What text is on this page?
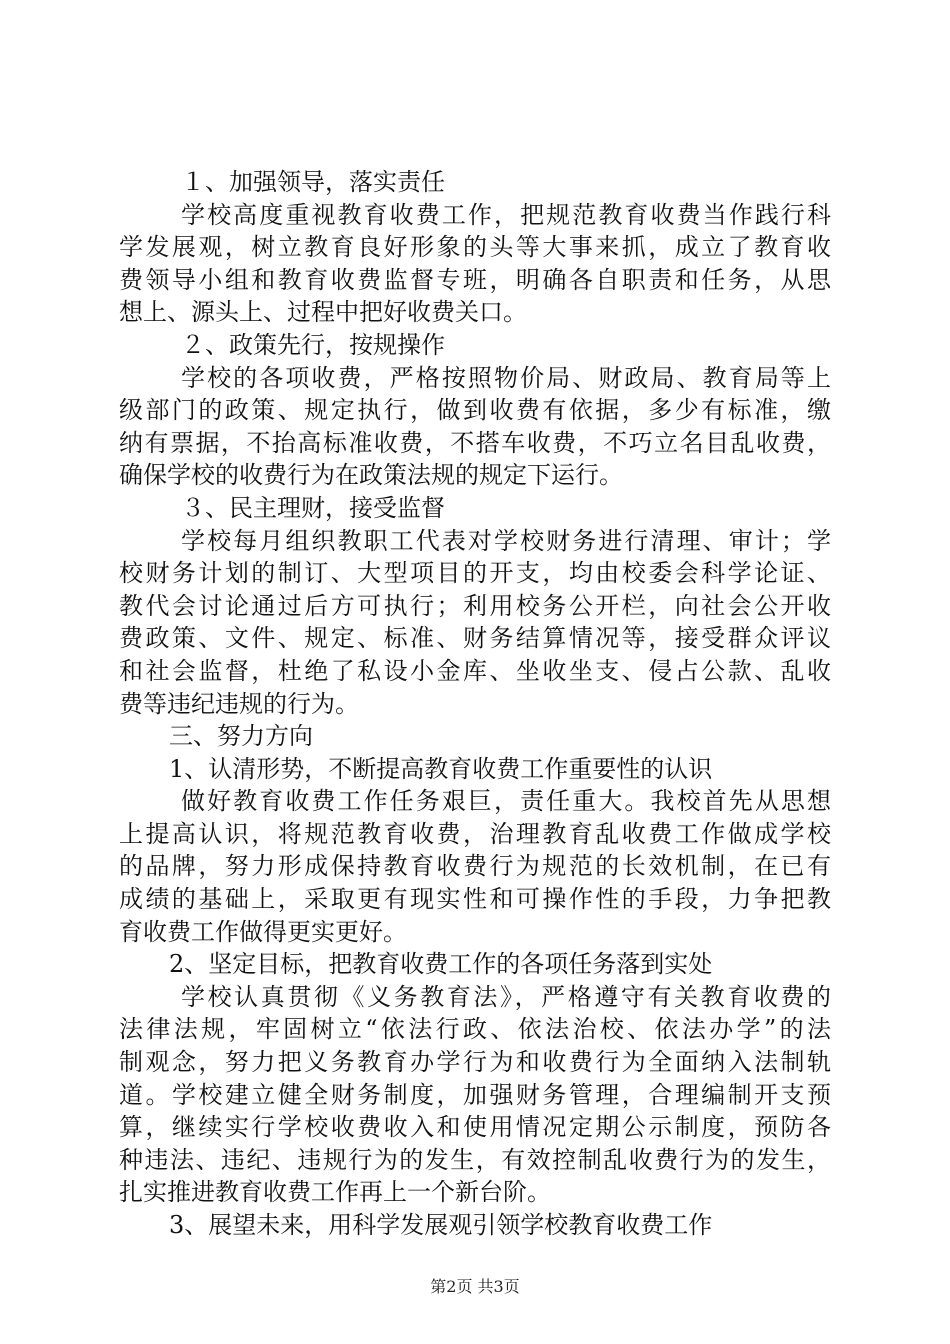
１、加强领导，落实责任
学校高度重视教育收费工作，把规范教育收费当作践行科
学发展观，树立教育良好形象的头等大事来抓，成立了教育收
费领导小组和教育收费监督专班，明确各自职责和任务，从思
想上、源头上、过程中把好收费关口。
２、政策先行，按规操作
学校的各项收费，严格按照物价局、财政局、教育局等上
级部门的政策、规定执行，做到收费有依据，多少有标准，缴
纳有票据，不抬高标准收费，不搭车收费，不巧立名目乱收费，
确保学校的收费行为在政策法规的规定下运行。
３、民主理财，接受监督
学校每月组织教职工代表对学校财务进行清理、审计；学
校财务计划的制订、大型项目的开支，均由校委会科学论证、
教代会讨论通过后方可执行；利用校务公开栏，向社会公开收
费政策、文件、规定、标准、财务结算情况等，接受群众评议
和社会监督，杜绝了私设小金库、坐收坐支、侵占公款、乱收
费等违纪违规的行为。
三、努力方向
1、认清形势，不断提高教育收费工作重要性的认识
做好教育收费工作任务艰巨，责任重大。我校首先从思想
上提高认识，将规范教育收费，治理教育乱收费工作做成学校
的品牌，努力形成保持教育收费行为规范的长效机制，在已有
成绩的基础上，采取更有现实性和可操作性的手段，力争把教
育收费工作做得更实更好。
2、坚定目标，把教育收费工作的各项任务落到实处
学校认真贯彻《义务教育法》，严格遵守有关教育收费的
法律法规，牢固树立“依法行政、依法治校、依法办学”的法
制观念，努力把义务教育办学行为和收费行为全面纳入法制轨
道。学校建立健全财务制度，加强财务管理，合理编制开支预
算，继续实行学校收费收入和使用情况定期公示制度，预防各
种违法、违纪、违规行为的发生，有效控制乱收费行为的发生，
扎实推进教育收费工作再上一个新台阶。
3、展望未来，用科学发展观引领学校教育收费工作
第2页 共3页
